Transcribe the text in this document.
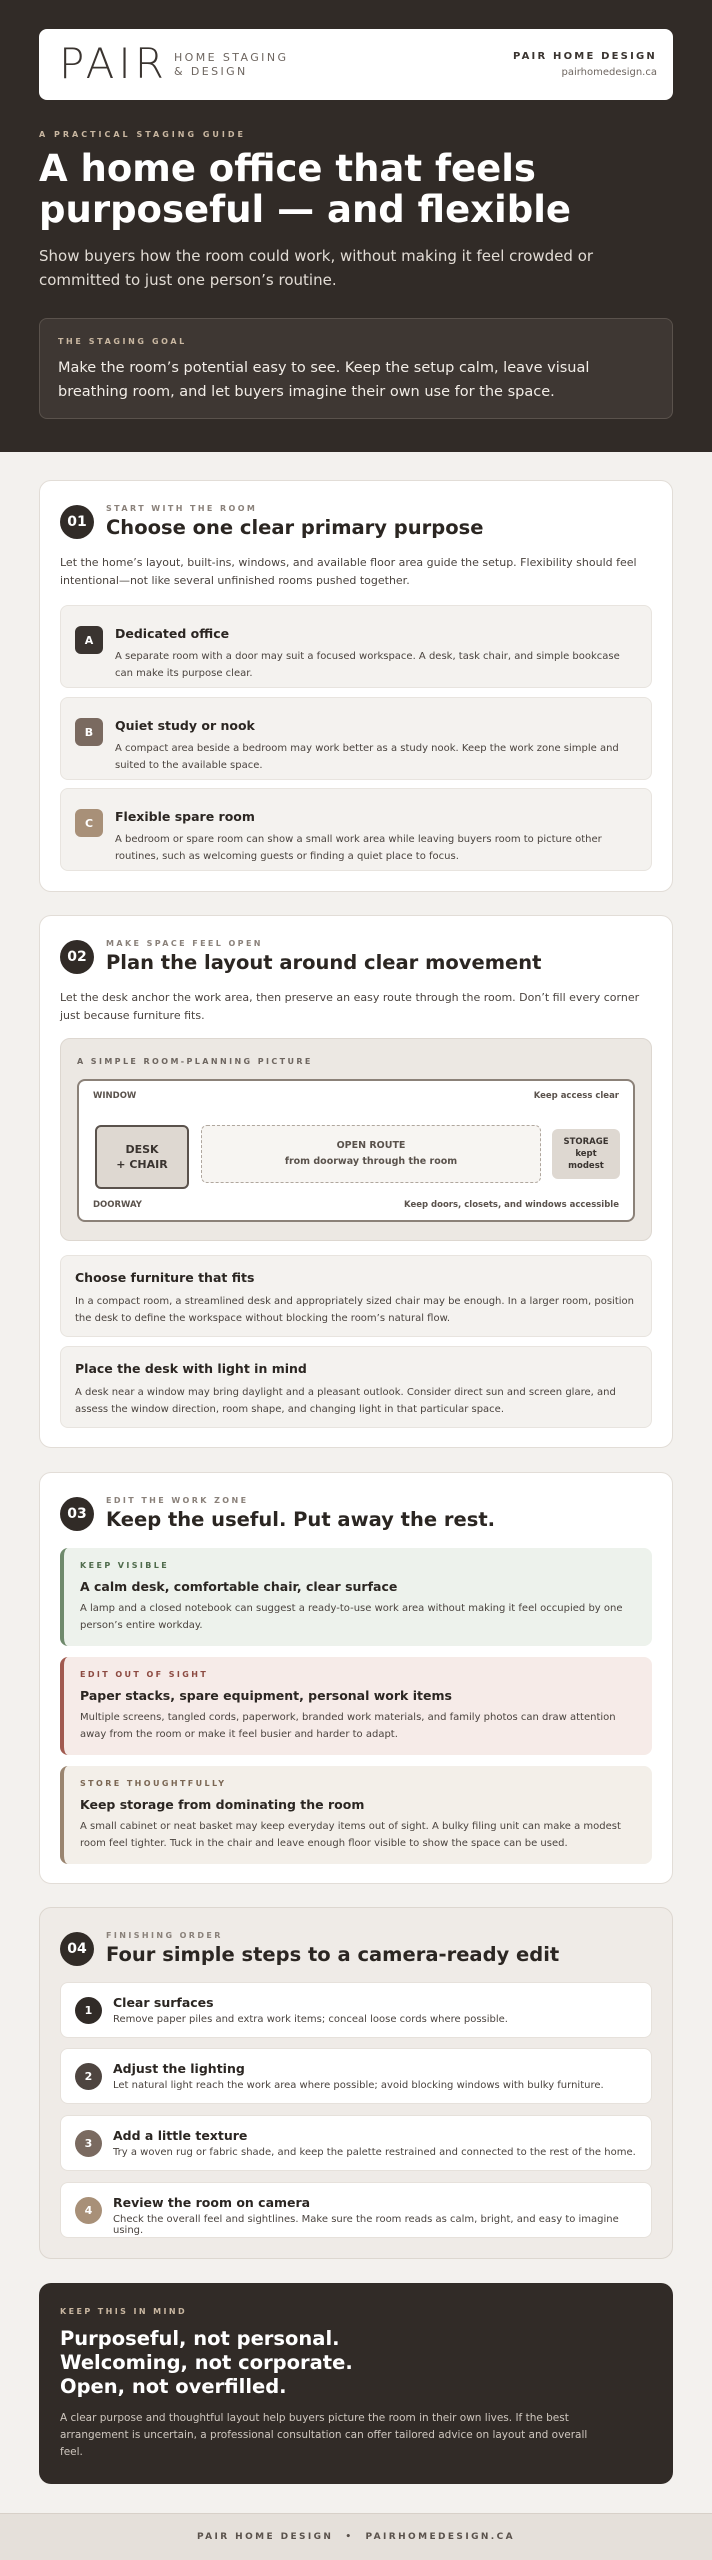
PAIR HOME STAGING
& DESIGN
PAIR HOME DESIGN
pairhomedesign.ca
A PRACTICAL STAGING GUIDE
A home office that feels
purposeful — and flexible
Show buyers how the room could work, without making it feel crowded or committed to just one person’s routine.
THE STAGING GOAL
Make the room’s potential easy to see. Keep the setup calm, leave visual breathing room, and let buyers imagine their own use for the space.
01
START WITH THE ROOM
Choose one clear primary purpose
Let the home’s layout, built-ins, windows, and available floor area guide the setup. Flexibility should feel intentional—not like several unfinished rooms pushed together.
A	Dedicated office
A separate room with a door may suit a focused workspace. A desk, task chair, and simple bookcase can make its purpose clear.
B	Quiet study or nook
A compact area beside a bedroom may work better as a study nook. Keep the work zone simple and suited to the available space.
C	Flexible spare room
A bedroom or spare room can show a small work area while leaving buyers room to picture other routines, such as welcoming guests or finding a quiet place to focus.
02
MAKE SPACE FEEL OPEN
Plan the layout around clear movement
Let the desk anchor the work area, then preserve an easy route through the room. Don’t fill every corner just because furniture fits.
A SIMPLE ROOM-PLANNING PICTURE
WINDOW	Keep access clear
DESK
+ CHAIR
OPEN ROUTE
from doorway through the room
STORAGE
kept
modest
DOORWAY	Keep doors, closets, and windows accessible
Choose furniture that fits
In a compact room, a streamlined desk and appropriately sized chair may be enough. In a larger room, position the desk to define the workspace without blocking the room’s natural flow.
Place the desk with light in mind
A desk near a window may bring daylight and a pleasant outlook. Consider direct sun and screen glare, and assess the window direction, room shape, and changing light in that particular space.
03
EDIT THE WORK ZONE
Keep the useful. Put away the rest.
KEEP VISIBLE
A calm desk, comfortable chair, clear surface
A lamp and a closed notebook can suggest a ready-to-use work area without making it feel occupied by one person’s entire workday.
EDIT OUT OF SIGHT
Paper stacks, spare equipment, personal work items
Multiple screens, tangled cords, paperwork, branded work materials, and family photos can draw attention away from the room or make it feel busier and harder to adapt.
STORE THOUGHTFULLY
Keep storage from dominating the room
A small cabinet or neat basket may keep everyday items out of sight. A bulky filing unit can make a modest room feel tighter. Tuck in the chair and leave enough floor visible to show the space can be used.
04
FINISHING ORDER
Four simple steps to a camera-ready edit
1
Clear surfaces
Remove paper piles and extra work items; conceal loose cords where possible.
2
Adjust the lighting
Let natural light reach the work area where possible; avoid blocking windows with bulky furniture.
3
Add a little texture
Try a woven rug or fabric shade, and keep the palette restrained and connected to the rest of the home.
4
Review the room on camera
Check the overall feel and sightlines. Make sure the room reads as calm, bright, and easy to imagine using.
KEEP THIS IN MIND
Purposeful, not personal.
Welcoming, not corporate.
Open, not overfilled.
A clear purpose and thoughtful layout help buyers picture the room in their own lives. If the best arrangement is uncertain, a professional consultation can offer tailored advice on layout and overall feel.
PAIR HOME DESIGN • PAIRHOMEDESIGN.CA
